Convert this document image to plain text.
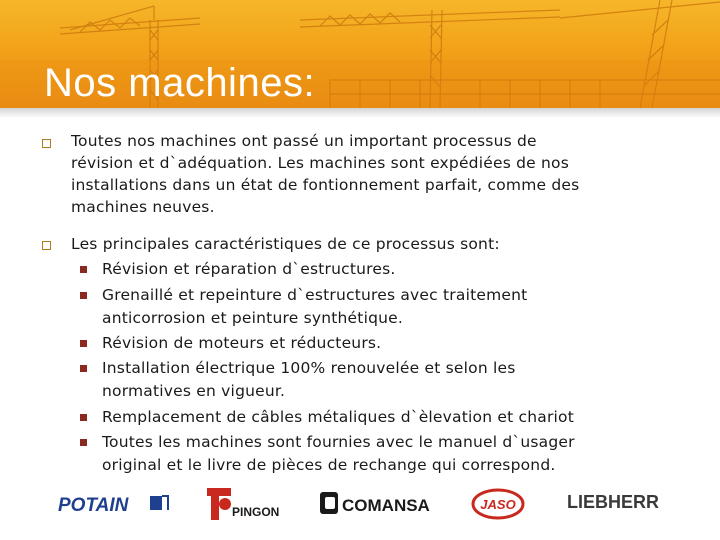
Nos machines:
Toutes nos machines ont passé un important processus de
révision et d`adéquation. Les machines sont expédiées de nos
installations dans un état de fontionnement parfait, comme des
machines neuves.
Les principales caractéristiques de ce processus sont:
Révision et réparation d`estructures.
Grenaillé et repeinture d`estructures avec traitement
anticorrosion et peinture synthétique.
Révision de moteurs et réducteurs.
Installation électrique 100% renouvelée et selon les
normatives en vigueur.
Remplacement de câbles métaliques d`èlevation et chariot
Toutes les machines sont fournies avec le manuel d`usager
original et le livre de pièces de rechange qui correspond.
POTAIN	PINGON	COMANSA	JASO	LIEBHERR
